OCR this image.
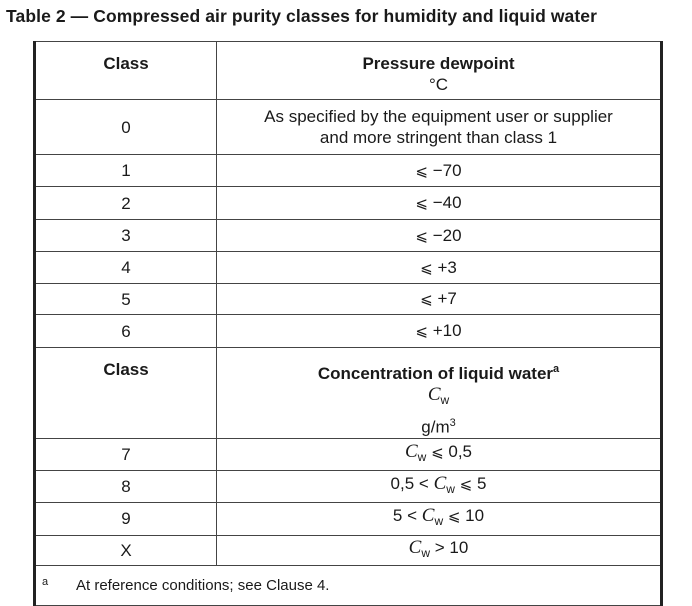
Table 2 — Compressed air purity classes for humidity and liquid water
Class	Pressure dewpoint
°C

0	As specified by the equipment user or supplier
and more stringent than class 1

1	⩽ −70
2	⩽ −40
3	⩽ −20
4	⩽ +3
5	⩽ +7
6	⩽ +10
Class	Concentration of liquid water$^a$
$C_w$
$g/m^3$

7	$C_w$ ⩽ 0,5
8	$0,5 < C_w$ ⩽ 5
9	$5 < C_w$ ⩽ 10
X	$C_w > 10$

a At reference conditions; see Clause 4.	
